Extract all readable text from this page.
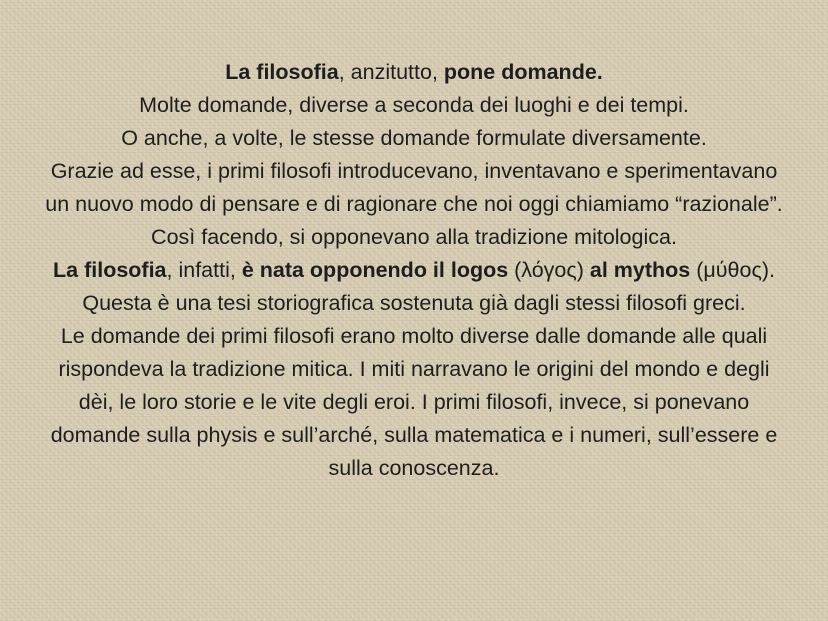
La filosofia, anzitutto, pone domande.

Molte domande, diverse a seconda dei luoghi e dei tempi.

O anche, a volte, le stesse domande formulate diversamente.

Grazie ad esse, i primi filosofi introducevano, inventavano e sperimentavano un nuovo modo di pensare e di ragionare che noi oggi chiamiamo “razionale”. Così facendo, si opponevano alla tradizione mitologica.

La filosofia, infatti, è nata opponendo il logos (λόγος) al mythos (μύθος).

Questa è una tesi storiografica sostenuta già dagli stessi filosofi greci.

Le domande dei primi filosofi erano molto diverse dalle domande alle quali rispondeva la tradizione mitica. I miti narravano le origini del mondo e degli dèi, le loro storie e le vite degli eroi. I primi filosofi, invece, si ponevano domande sulla physis e sull’arché, sulla matematica e i numeri, sull’essere e sulla conoscenza.
